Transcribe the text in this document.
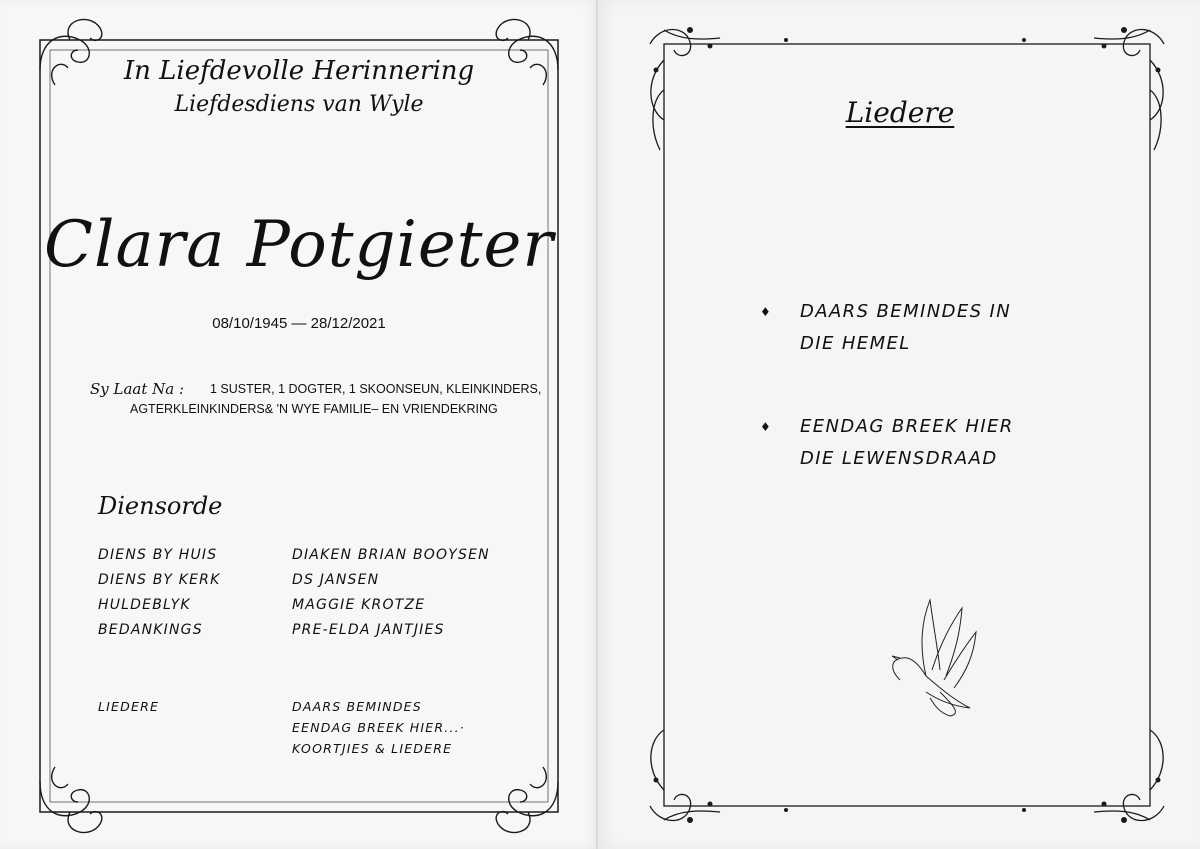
In Liefdevolle Herinnering

Liefdesdiens van Wyle

Clara Potgieter

08/10/1945 — 28/12/2021

Sy Laat Na : 1 SUSTER, 1 DOGTER, 1 SKOONSEUN, KLEINKINDERS,

AGTERKLEINKINDERS& 'N WYE FAMILIE– EN VRIENDEKRING

Diensorde

DIENS BY HUIS	DIAKEN BRIAN BOOYSEN
DIENS BY KERK	DS JANSEN
HULDEBLYK	MAGGIE KROTZE
BEDANKINGS	PRE-ELDA JANTJIES

LIEDERE	DAARS BEMINDES
EENDAG BREEK HIER...·
KOORTJIES & LIEDERE

Liedere

♦ DAARS BEMINDES IN
DIE HEMEL
♦ EENDAG BREEK HIER
DIE LEWENSDRAAD
